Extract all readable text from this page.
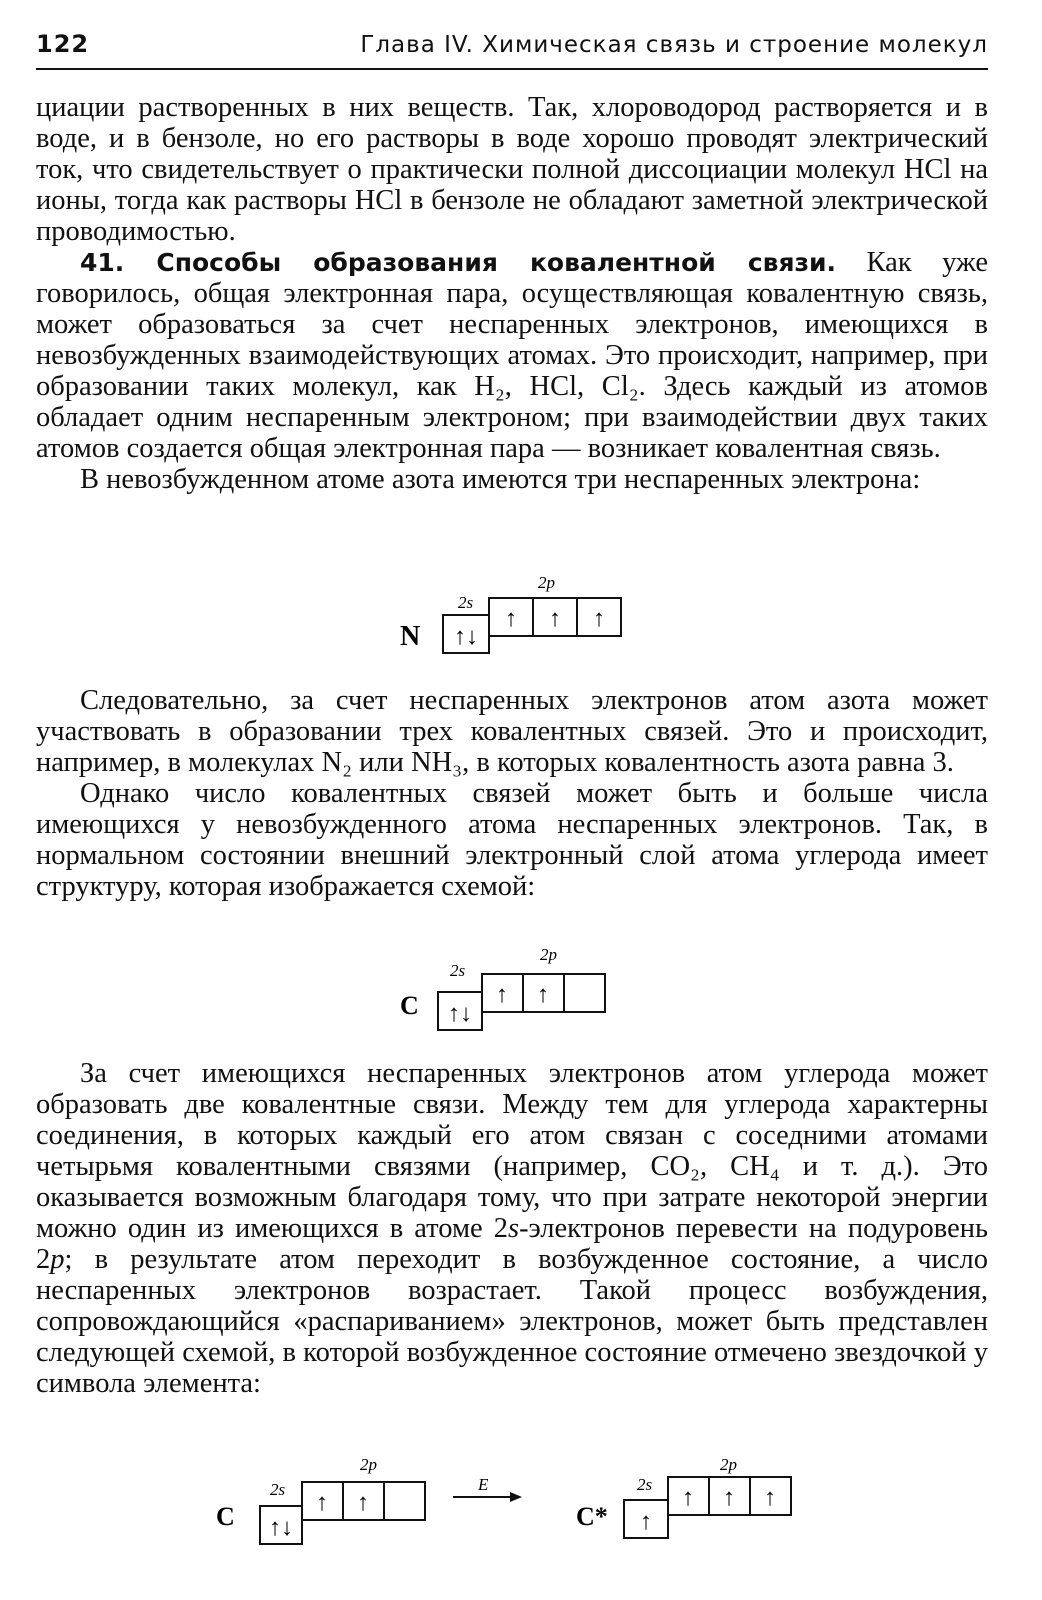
122	Глава IV. Химическая связь и строение молекул

циации растворенных в них веществ. Так, хлороводород растворяется и в воде, и в бензоле, но его растворы в воде хорошо проводят электрический ток, что свидетельствует о практически полной диссоциации молекул HCl на ионы, тогда как растворы HCl в бензоле не обладают заметной электрической проводимостью.

41. Способы образования ковалентной связи. Как уже говорилось, общая электронная пара, осуществляющая ковалентную связь, может образоваться за счет неспаренных электронов, имеющихся в невозбужденных взаимодействующих атомах. Это происходит, например, при образовании таких молекул, как H₂, HCl, Cl₂. Здесь каждый из атомов обладает одним неспаренным электроном; при взаимодействии двух таких атомов создается общая электронная пара — возникает ковалентная связь.

В невозбужденном атоме азота имеются три неспаренных электрона:

N
2s
2p
↑↓
↑ ↑ ↑

Следовательно, за счет неспаренных электронов атом азота может участвовать в образовании трех ковалентных связей. Это и происходит, например, в молекулах N₂ или NH₃, в которых ковалентность азота равна 3.

Однако число ковалентных связей может быть и больше числа имеющихся у невозбужденного атома неспаренных электронов. Так, в нормальном состоянии внешний электронный слой атома углерода имеет структуру, которая изображается схемой:

C
2s
2p
↑↓
↑ ↑

За счет имеющихся неспаренных электронов атом углерода может образовать две ковалентные связи. Между тем для углерода характерны соединения, в которых каждый его атом связан с соседними атомами четырьмя ковалентными связями (например, CO₂, CH₄ и т. д.). Это оказывается возможным благодаря тому, что при затрате некоторой энергии можно один из имеющихся в атоме 2s-электронов перевести на подуровень 2p; в результате атом переходит в возбужденное состояние, а число неспаренных электронов возрастает. Такой процесс возбуждения, сопровождающийся «распариванием» электронов, может быть представлен следующей схемой, в которой возбужденное состояние отмечено звездочкой у символа элемента:

C
2s
2p
↑↓
↑ ↑
E
C*
2s
2p
↑
↑ ↑ ↑
